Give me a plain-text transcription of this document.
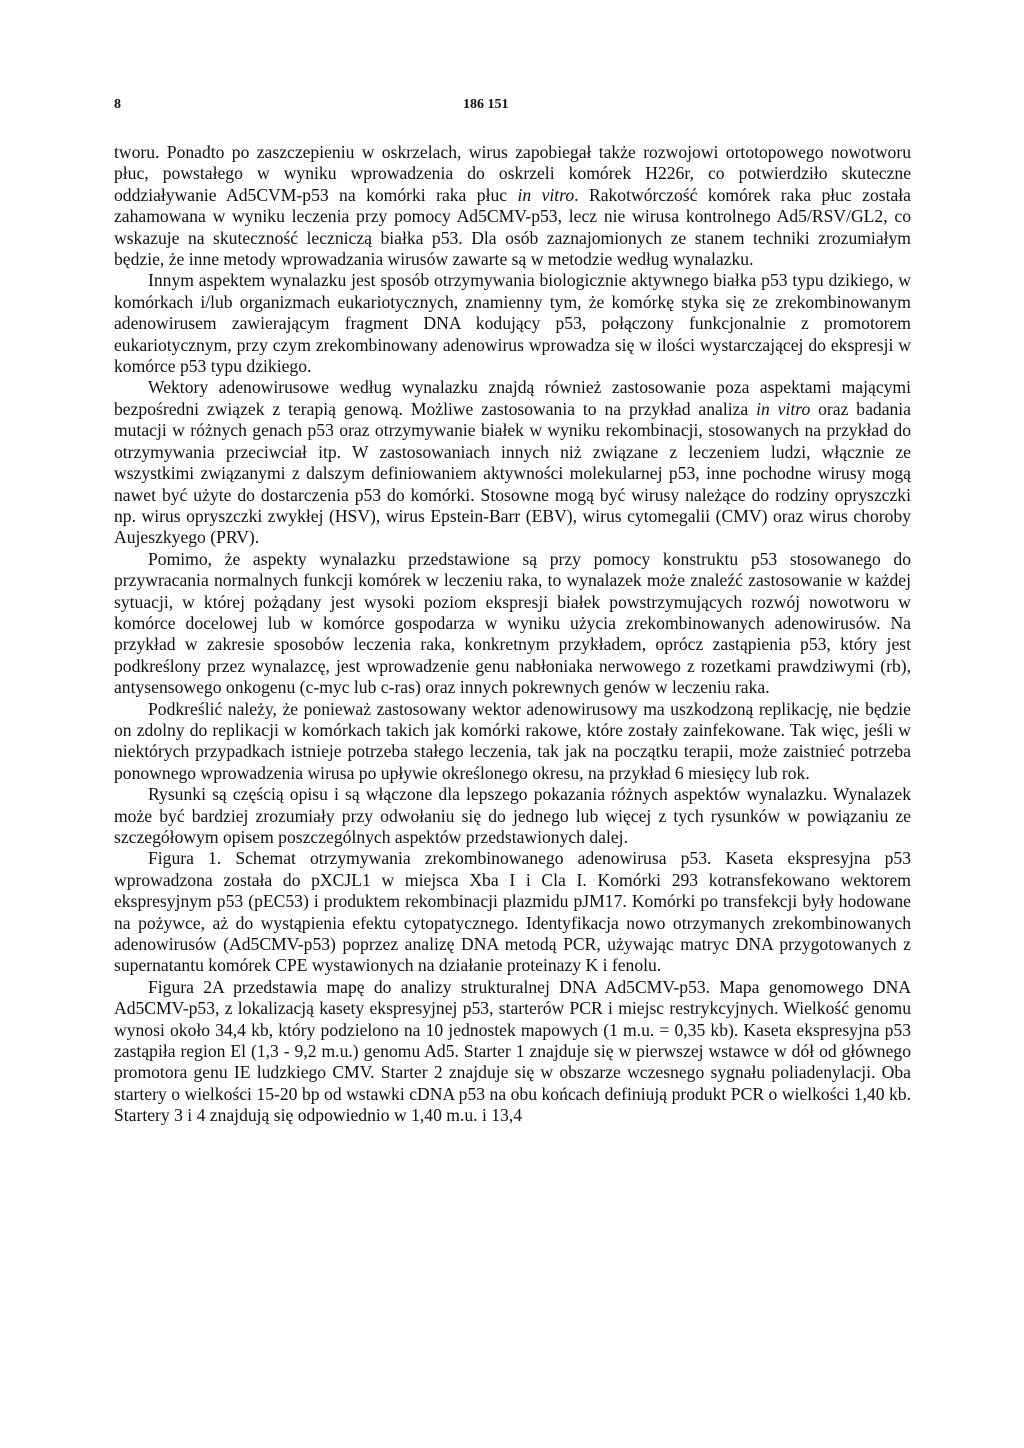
8	186 151

tworu. Ponadto po zaszczepieniu w oskrzelach, wirus zapobiegał także rozwojowi ortotopowego nowotworu płuc, powstałego w wyniku wprowadzenia do oskrzeli komórek H226r, co potwierdziło skuteczne oddziaływanie Ad5CVM-p53 na komórki raka płuc in vitro. Rakotwórczość komórek raka płuc została zahamowana w wyniku leczenia przy pomocy Ad5CMV-p53, lecz nie wirusa kontrolnego Ad5/RSV/GL2, co wskazuje na skuteczność leczniczą białka p53. Dla osób zaznajomionych ze stanem techniki zrozumiałym będzie, że inne metody wprowadzania wirusów zawarte są w metodzie według wynalazku.

Innym aspektem wynalazku jest sposób otrzymywania biologicznie aktywnego białka p53 typu dzikiego, w komórkach i/lub organizmach eukariotycznych, znamienny tym, że komórkę styka się ze zrekombinowanym adenowirusem zawierającym fragment DNA kodujący p53, połączony funkcjonalnie z promotorem eukariotycznym, przy czym zrekombinowany adenowirus wprowadza się w ilości wystarczającej do ekspresji w komórce p53 typu dzikiego.

Wektory adenowirusowe według wynalazku znajdą również zastosowanie poza aspektami mającymi bezpośredni związek z terapią genową. Możliwe zastosowania to na przykład analiza in vitro oraz badania mutacji w różnych genach p53 oraz otrzymywanie białek w wyniku rekombinacji, stosowanych na przykład do otrzymywania przeciwciał itp. W zastosowaniach innych niż związane z leczeniem ludzi, włącznie ze wszystkimi związanymi z dalszym definiowaniem aktywności molekularnej p53, inne pochodne wirusy mogą nawet być użyte do dostarczenia p53 do komórki. Stosowne mogą być wirusy należące do rodziny opryszczki np. wirus opryszczki zwykłej (HSV), wirus Epstein-Barr (EBV), wirus cytomegalii (CMV) oraz wirus choroby Aujeszkyego (PRV).

Pomimo, że aspekty wynalazku przedstawione są przy pomocy konstruktu p53 stosowanego do przywracania normalnych funkcji komórek w leczeniu raka, to wynalazek może znaleźć zastosowanie w każdej sytuacji, w której pożądany jest wysoki poziom ekspresji białek powstrzymujących rozwój nowotworu w komórce docelowej lub w komórce gospodarza w wyniku użycia zrekombinowanych adenowirusów. Na przykład w zakresie sposobów leczenia raka, konkretnym przykładem, oprócz zastąpienia p53, który jest podkreślony przez wynalazcę, jest wprowadzenie genu nabłoniaka nerwowego z rozetkami prawdziwymi (rb), antysensowego onkogenu (c-myc lub c-ras) oraz innych pokrewnych genów w leczeniu raka.

Podkreślić należy, że ponieważ zastosowany wektor adenowirusowy ma uszkodzoną replikację, nie będzie on zdolny do replikacji w komórkach takich jak komórki rakowe, które zostały zainfekowane. Tak więc, jeśli w niektórych przypadkach istnieje potrzeba stałego leczenia, tak jak na początku terapii, może zaistnieć potrzeba ponownego wprowadzenia wirusa po upływie określonego okresu, na przykład 6 miesięcy lub rok.

Rysunki są częścią opisu i są włączone dla lepszego pokazania różnych aspektów wynalazku. Wynalazek może być bardziej zrozumiały przy odwołaniu się do jednego lub więcej z tych rysunków w powiązaniu ze szczegółowym opisem poszczególnych aspektów przedstawionych dalej.

Figura 1. Schemat otrzymywania zrekombinowanego adenowirusa p53. Kaseta ekspresyjna p53 wprowadzona została do pXCJL1 w miejsca Xba I i Cla I. Komórki 293 kotransfekowano wektorem ekspresyjnym p53 (pEC53) i produktem rekombinacji plazmidu pJM17. Komórki po transfekcji były hodowane na pożywce, aż do wystąpienia efektu cytopatycznego. Identyfikacja nowo otrzymanych zrekombinowanych adenowirusów (Ad5CMV-p53) poprzez analizę DNA metodą PCR, używając matryc DNA przygotowanych z supernatantu komórek CPE wystawionych na działanie proteinazy K i fenolu.

Figura 2A przedstawia mapę do analizy strukturalnej DNA Ad5CMV-p53. Mapa genomowego DNA Ad5CMV-p53, z lokalizacją kasety ekspresyjnej p53, starterów PCR i miejsc restrykcyjnych. Wielkość genomu wynosi około 34,4 kb, który podzielono na 10 jednostek mapowych (1 m.u. = 0,35 kb). Kaseta ekspresyjna p53 zastąpiła region El (1,3 - 9,2 m.u.) genomu Ad5. Starter 1 znajduje się w pierwszej wstawce w dół od głównego promotora genu IE ludzkiego CMV. Starter 2 znajduje się w obszarze wczesnego sygnału poliadenylacji. Oba startery o wielkości 15-20 bp od wstawki cDNA p53 na obu końcach definiują produkt PCR o wielkości 1,40 kb. Startery 3 i 4 znajdują się odpowiednio w 1,40 m.u. i 13,4
